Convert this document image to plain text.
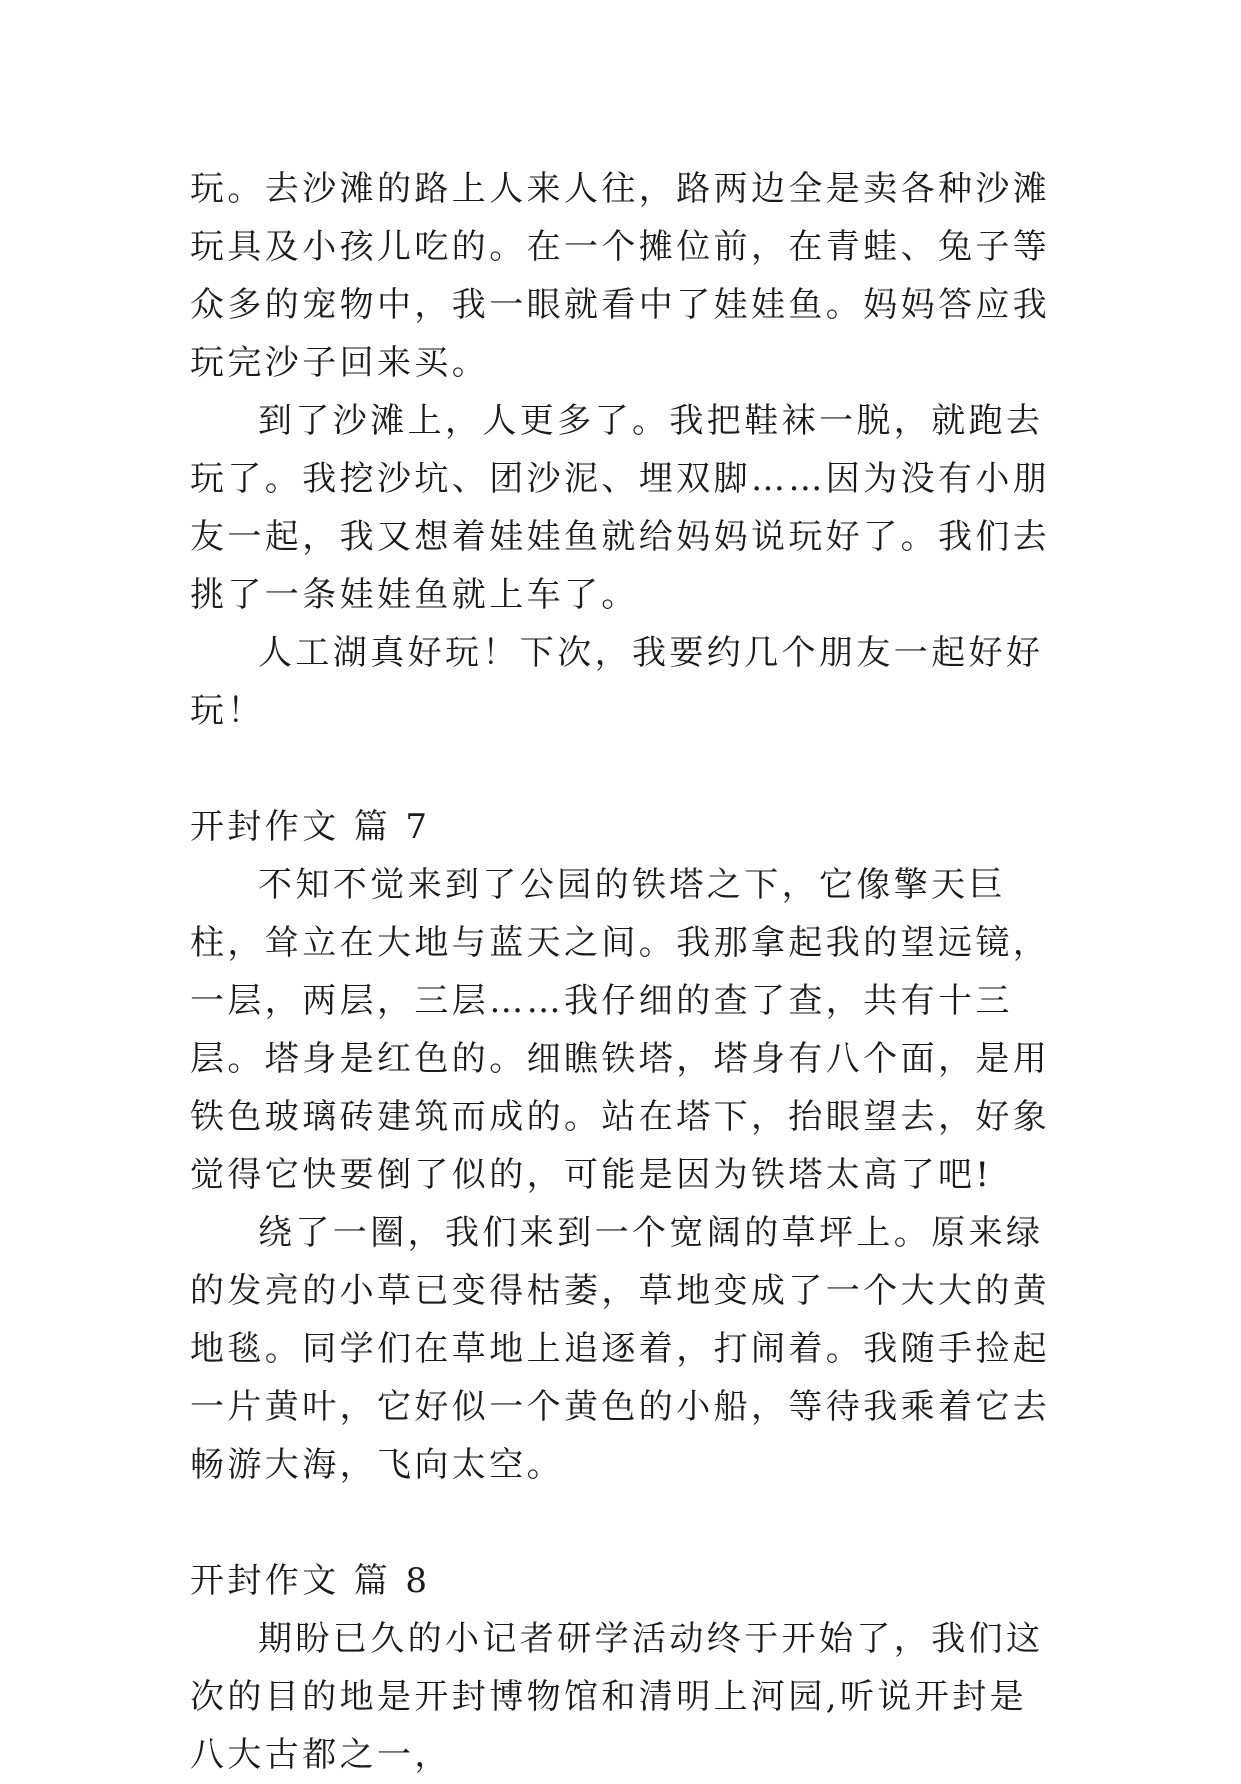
玩。去沙滩的路上人来人往，路两边全是卖各种沙滩玩具及小孩儿吃的。在一个摊位前，在青蛙、兔子等众多的宠物中，我一眼就看中了娃娃鱼。妈妈答应我玩完沙子回来买。

到了沙滩上，人更多了。我把鞋袜一脱，就跑去玩了。我挖沙坑、团沙泥、埋双脚……因为没有小朋友一起，我又想着娃娃鱼就给妈妈说玩好了。我们去挑了一条娃娃鱼就上车了。

人工湖真好玩！下次，我要约几个朋友一起好好玩！

开封作文 篇 7

不知不觉来到了公园的铁塔之下，它像擎天巨柱，耸立在大地与蓝天之间。我那拿起我的望远镜，一层，两层，三层……我仔细的查了查，共有十三层。塔身是红色的。细瞧铁塔，塔身有八个面，是用铁色玻璃砖建筑而成的。站在塔下，抬眼望去，好象觉得它快要倒了似的，可能是因为铁塔太高了吧!

绕了一圈，我们来到一个宽阔的草坪上。原来绿的发亮的小草已变得枯萎，草地变成了一个大大的黄地毯。同学们在草地上追逐着，打闹着。我随手捡起一片黄叶，它好似一个黄色的小船，等待我乘着它去畅游大海，飞向太空。

开封作文 篇 8

期盼已久的小记者研学活动终于开始了，我们这次的目的地是开封博物馆和清明上河园,听说开封是八大古都之一，
